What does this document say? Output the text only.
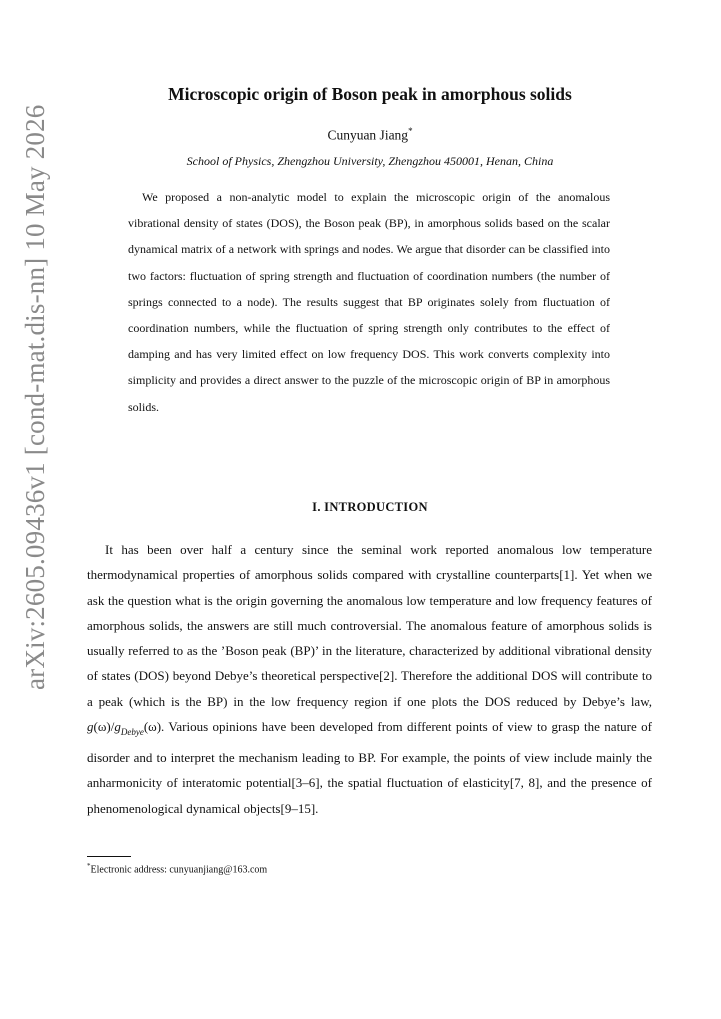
arXiv:2605.09436v1 [cond-mat.dis-nn] 10 May 2026
Microscopic origin of Boson peak in amorphous solids
Cunyuan Jiang*
School of Physics, Zhengzhou University, Zhengzhou 450001, Henan, China

We proposed a non-analytic model to explain the microscopic origin of the anomalous vibrational density of states (DOS), the Boson peak (BP), in amorphous solids based on the scalar dynamical matrix of a network with springs and nodes. We argue that disorder can be classified into two factors: fluctuation of spring strength and fluctuation of coordination numbers (the number of springs connected to a node). The results suggest that BP originates solely from fluctuation of coordination numbers, while the fluctuation of spring strength only contributes to the effect of damping and has very limited effect on low frequency DOS. This work converts complexity into simplicity and provides a direct answer to the puzzle of the microscopic origin of BP in amorphous solids.

I. INTRODUCTION

It has been over half a century since the seminal work reported anomalous low temperature thermodynamical properties of amorphous solids compared with crystalline counterparts[1]. Yet when we ask the question what is the origin governing the anomalous low temperature and low frequency features of amorphous solids, the answers are still much controversial. The anomalous feature of amorphous solids is usually referred to as the ’Boson peak (BP)’ in the literature, characterized by additional vibrational density of states (DOS) beyond Debye’s theoretical perspective[2]. Therefore the additional DOS will contribute to a peak (which is the BP) in the low frequency region if one plots the DOS reduced by Debye’s law, $g(\omega)/g_{Debye}(\omega)$. Various opinions have been developed from different points of view to grasp the nature of disorder and to interpret the mechanism leading to BP. For example, the points of view include mainly the anharmonicity of interatomic potential[3–6], the spatial fluctuation of elasticity[7, 8], and the presence of phenomenological dynamical objects[9–15].

*Electronic address: cunyuanjiang@163.com
